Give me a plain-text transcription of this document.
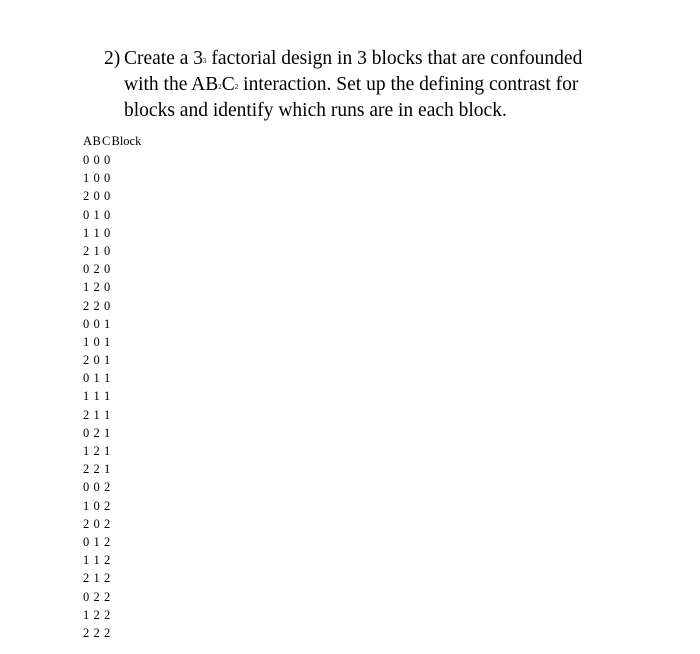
2) Create a $3^3$ factorial design in 3 blocks that are confounded
with the $AB^2C^2$ interaction. Set up the defining contrast for
blocks and identify which runs are in each block.
ABCBlock
0 0 0
1 0 0
2 0 0
0 1 0
1 1 0
2 1 0
0 2 0
1 2 0
2 2 0
0 0 1
1 0 1
2 0 1
0 1 1
1 1 1
2 1 1
0 2 1
1 2 1
2 2 1
0 0 2
1 0 2
2 0 2
0 1 2
1 1 2
2 1 2
0 2 2
1 2 2
2 2 2
